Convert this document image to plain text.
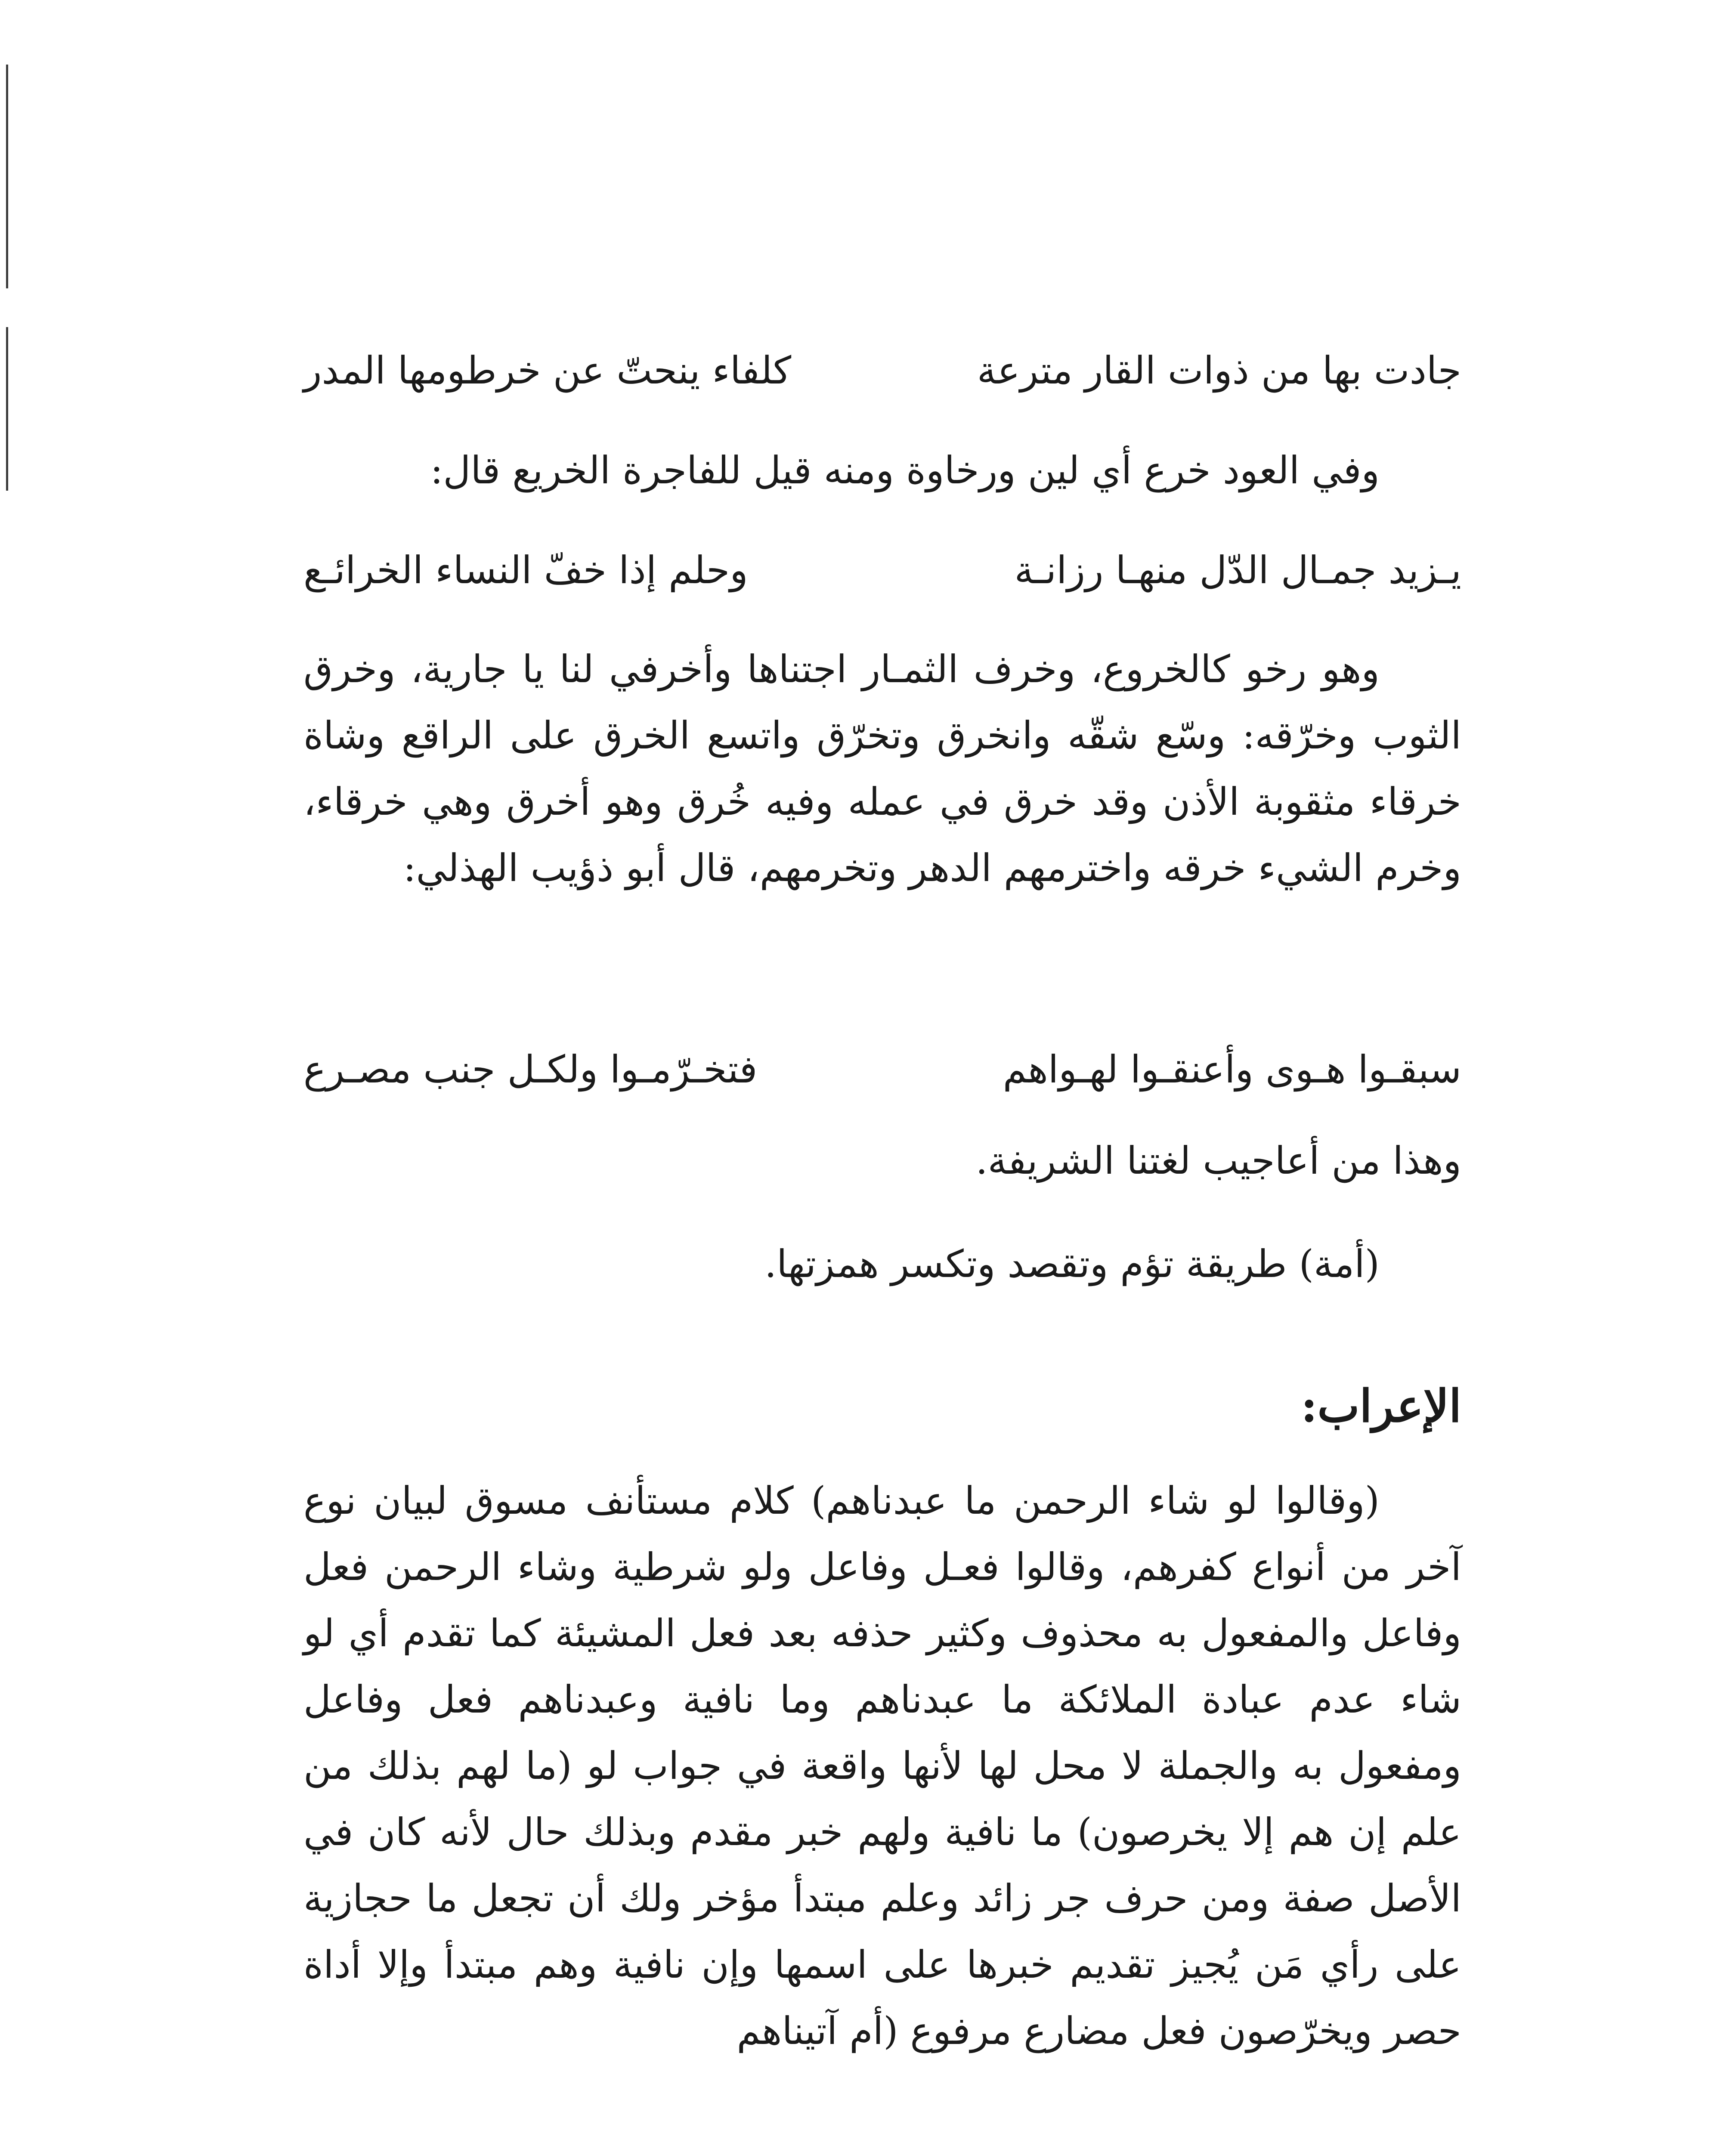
جادت بها من ذوات القار مترعة
كلفاء ينحتّ عن خرطومها المدر
وفي العود خرع أي لين ورخاوة ومنه قيل للفاجرة الخريع قال:
يـزيد جمـال الدّل منهـا رزانـة
وحلم إذا خفّ النساء الخرائـع
وهو رخو كالخروع، وخرف الثمـار اجتناها وأخرفي لنا يا جارية، وخرق الثوب وخرّقه: وسّع شقّه وانخرق وتخرّق واتسع الخرق على الراقع وشاة خرقاء مثقوبة الأذن وقد خرق في عمله وفيه خُرق وهو أخرق وهي خرقاء، وخرم الشيء خرقه واخترمهم الدهر وتخرمهم، قال أبو ذؤيب الهذلي:
سبقـوا هـوى وأعنقـوا لهـواهم
فتخـرّمـوا ولكـل جنب مصـرع
وهذا من أعاجيب لغتنا الشريفة.
(أمة) طريقة تؤم وتقصد وتكسر همزتها.
الإعراب:
(وقالوا لو شاء الرحمن ما عبدناهم) كلام مستأنف مسوق لبيان نوع آخر من أنواع كفرهم، وقالوا فعـل وفاعل ولو شرطية وشاء الرحمن فعل وفاعل والمفعول به محذوف وكثير حذفه بعد فعل المشيئة كما تقدم أي لو شاء عدم عبادة الملائكة ما عبدناهم وما نافية وعبدناهم فعل وفاعل ومفعول به والجملة لا محل لها لأنها واقعة في جواب لو (ما لهم بذلك من علم إن هم إلا يخرصون) ما نافية ولهم خبر مقدم وبذلك حال لأنه كان في الأصل صفة ومن حرف جر زائد وعلم مبتدأ مؤخر ولك أن تجعل ما حجازية على رأي مَن يُجيز تقديم خبرها على اسمها وإن نافية وهم مبتدأ وإلا أداة حصر ويخرّصون فعل مضارع مرفوع (أم آتيناهم
